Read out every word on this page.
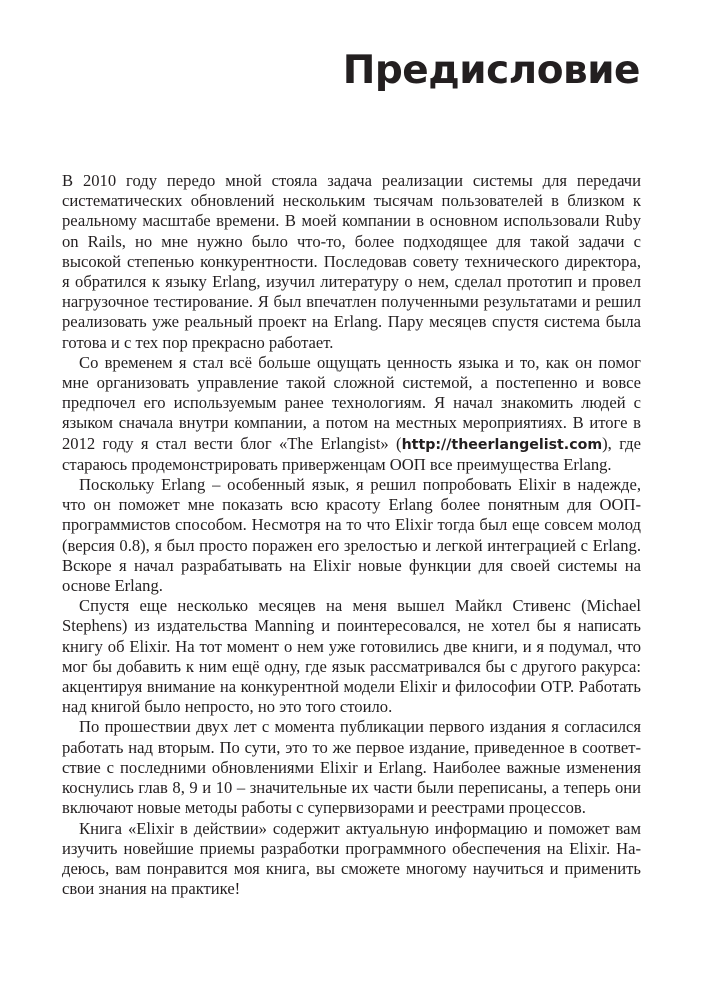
Предисловие

В 2010 году передо мной стояла задача реализации системы для передачи систематических обновлений нескольким тысячам пользователей в близком к реальному масштабе времени. В моей компании в основном использовали Ruby on Rails, но мне нужно было что-то, более подходящее для такой задачи с высокой степенью конкурентности. Последовав совету технического директора, я обратился к языку Erlang, изучил литературу о нем, сделал прототип и провел нагрузочное тестирование. Я был впечатлен полученными результатами и решил реализовать уже реальный проект на Erlang. Пару месяцев спустя система была готова и с тех пор прекрасно работает.

Со временем я стал всё больше ощущать ценность языка и то, как он помог мне организовать управление такой сложной системой, а постепенно и вовсе предпочел его используемым ранее технологиям. Я начал знакомить людей с языком сначала внутри компании, а потом на местных мероприятиях. В итоге в 2012 году я стал вести блог «The Erlangist» (http://theerlangelist.com), где стараюсь продемонстрировать приверженцам ООП все преимущества Erlang.

Поскольку Erlang – особенный язык, я решил попробовать Elixir в надежде, что он поможет мне показать всю красоту Erlang более понятным для ООП-программистов способом. Несмотря на то что Elixir тогда был еще совсем молод (версия 0.8), я был просто поражен его зрелостью и легкой интеграцией с Erlang. Вскоре я начал разрабатывать на Elixir новые функции для своей системы на основе Erlang.

Спустя еще несколько месяцев на меня вышел Майкл Стивенс (Michael Stephens) из издательства Manning и поинтересовался, не хотел бы я написать книгу об Elixir. На тот момент о нем уже готовились две книги, и я подумал, что мог бы добавить к ним ещё одну, где язык рассматривался бы с другого ракурса: акцентируя внимание на конкурентной модели Elixir и философии OTP. Работать над книгой было непросто, но это того стоило.

По прошествии двух лет с момента публикации первого издания я согласился работать над вторым. По сути, это то же первое издание, приведенное в соответствие с последними обновлениями Elixir и Erlang. Наиболее важные изменения коснулись глав 8, 9 и 10 – значительные их части были переписаны, а теперь они включают новые методы работы с супервизорами и реестрами процессов.

Книга «Elixir в действии» содержит актуальную информацию и поможет вам изучить новейшие приемы разработки программного обеспечения на Elixir. Надеюсь, вам понравится моя книга, вы сможете многому научиться и применить свои знания на практике!
